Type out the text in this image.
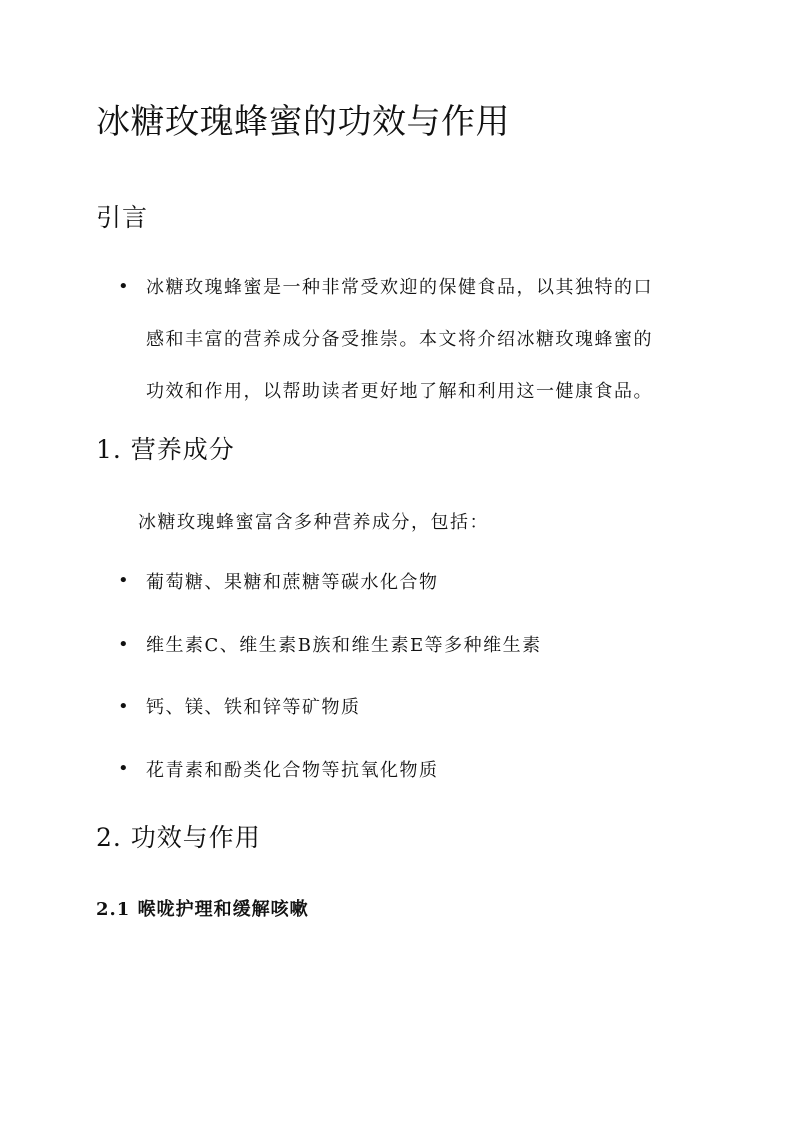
冰糖玫瑰蜂蜜的功效与作用
引言
• 冰糖玫瑰蜂蜜是一种非常受欢迎的保健食品，以其独特的口
感和丰富的营养成分备受推崇。本文将介绍冰糖玫瑰蜂蜜的
功效和作用，以帮助读者更好地了解和利用这一健康食品。
1. 营养成分
冰糖玫瑰蜂蜜富含多种营养成分，包括：
• 葡萄糖、果糖和蔗糖等碳水化合物
• 维生素C、维生素B族和维生素E等多种维生素
• 钙、镁、铁和锌等矿物质
• 花青素和酚类化合物等抗氧化物质
2. 功效与作用
2.1 喉咙护理和缓解咳嗽
